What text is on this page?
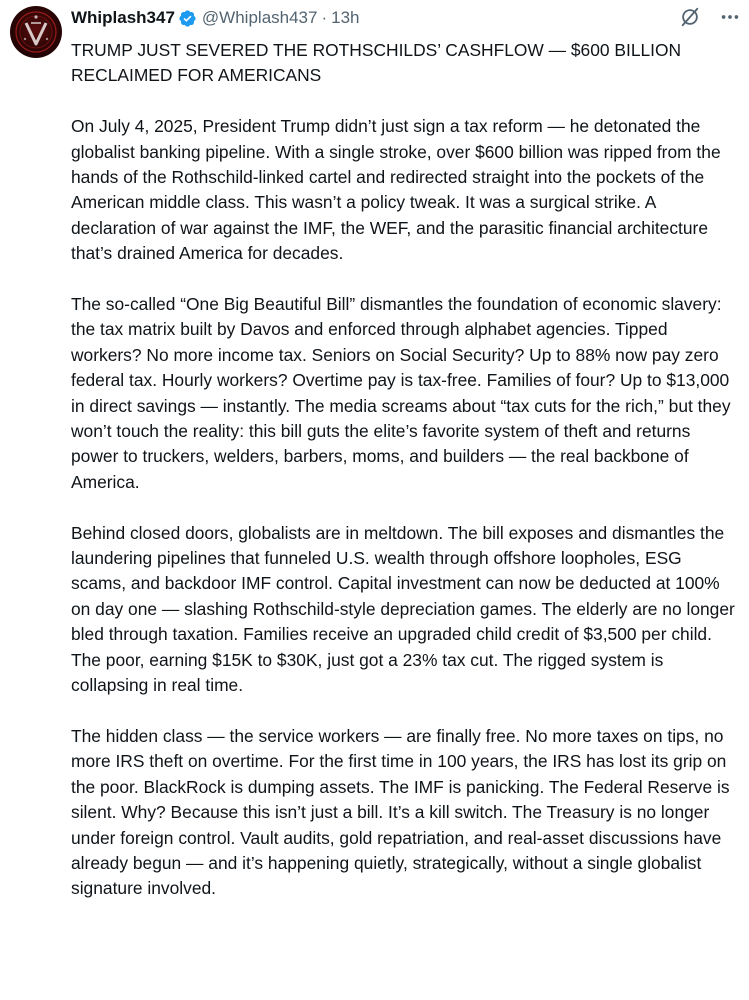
Whiplash347 @Whiplash437 · 13h

TRUMP JUST SEVERED THE ROTHSCHILDS’ CASHFLOW — $600 BILLION RECLAIMED FOR AMERICANS

On July 4, 2025, President Trump didn’t just sign a tax reform — he detonated the globalist banking pipeline. With a single stroke, over $600 billion was ripped from the hands of the Rothschild-linked cartel and redirected straight into the pockets of the American middle class. This wasn’t a policy tweak. It was a surgical strike. A declaration of war against the IMF, the WEF, and the parasitic financial architecture that’s drained America for decades.

The so-called “One Big Beautiful Bill” dismantles the foundation of economic slavery: the tax matrix built by Davos and enforced through alphabet agencies. Tipped workers? No more income tax. Seniors on Social Security? Up to 88% now pay zero federal tax. Hourly workers? Overtime pay is tax-free. Families of four? Up to $13,000 in direct savings — instantly. The media screams about “tax cuts for the rich,” but they won’t touch the reality: this bill guts the elite’s favorite system of theft and returns power to truckers, welders, barbers, moms, and builders — the real backbone of America.

Behind closed doors, globalists are in meltdown. The bill exposes and dismantles the laundering pipelines that funneled U.S. wealth through offshore loopholes, ESG scams, and backdoor IMF control. Capital investment can now be deducted at 100% on day one — slashing Rothschild-style depreciation games. The elderly are no longer bled through taxation. Families receive an upgraded child credit of $3,500 per child. The poor, earning $15K to $30K, just got a 23% tax cut. The rigged system is collapsing in real time.

The hidden class — the service workers — are finally free. No more taxes on tips, no more IRS theft on overtime. For the first time in 100 years, the IRS has lost its grip on the poor. BlackRock is dumping assets. The IMF is panicking. The Federal Reserve is silent. Why? Because this isn’t just a bill. It’s a kill switch. The Treasury is no longer under foreign control. Vault audits, gold repatriation, and real-asset discussions have already begun — and it’s happening quietly, strategically, without a single globalist signature involved.
